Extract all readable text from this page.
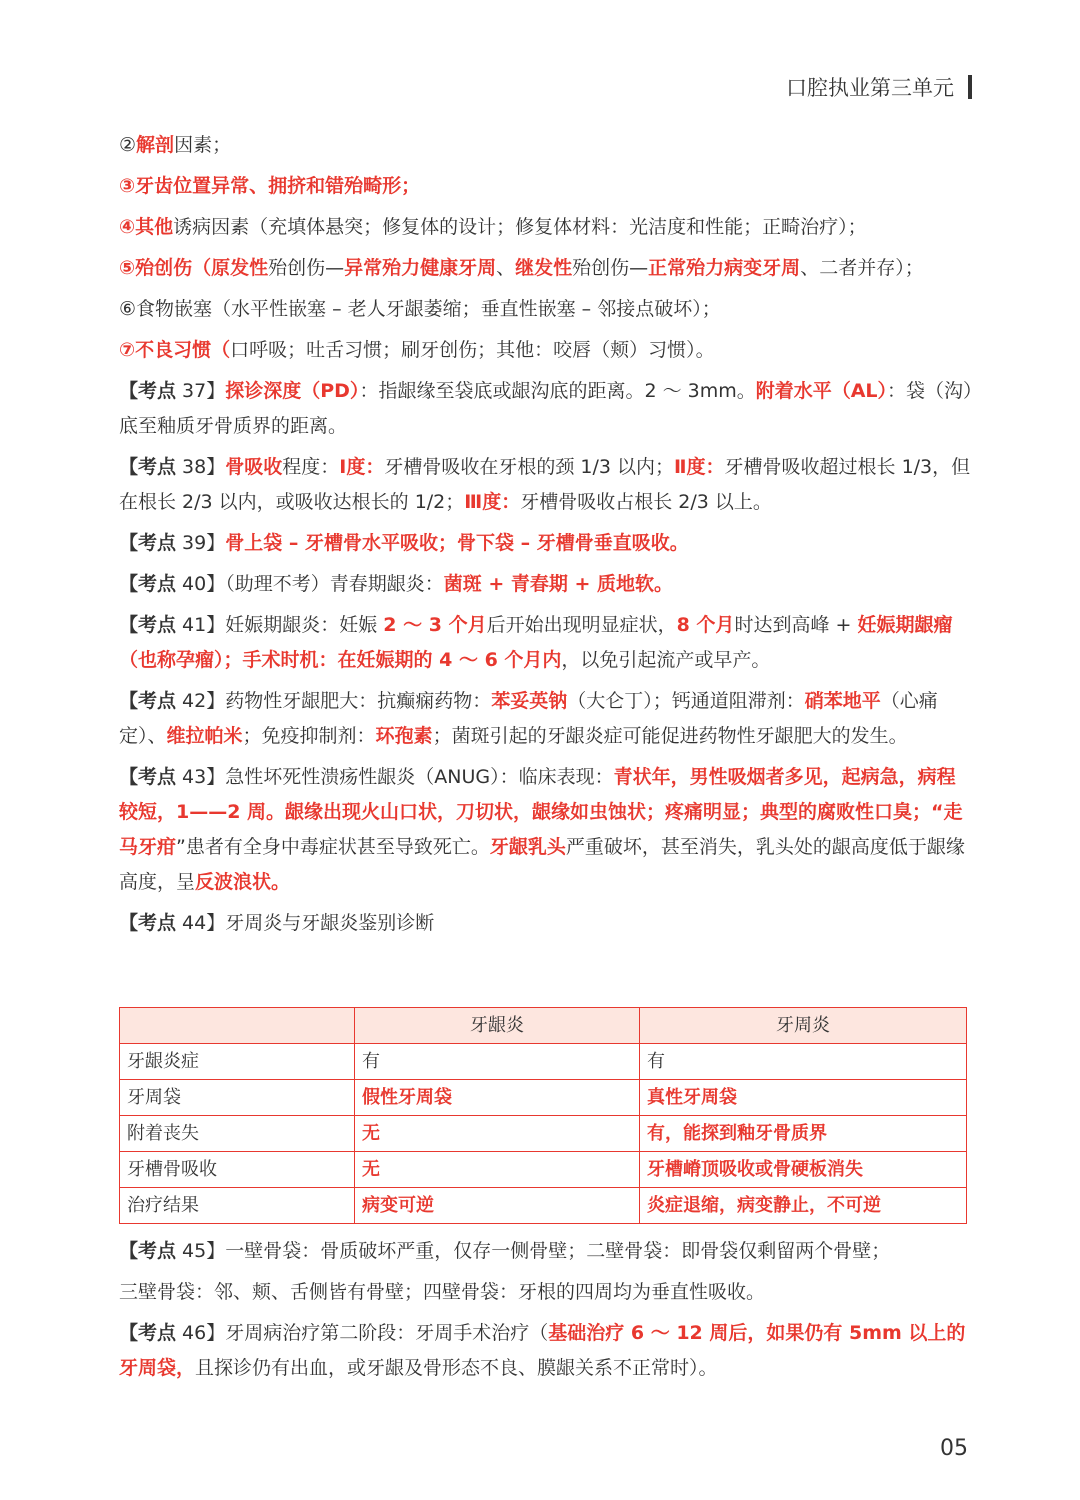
口腔执业第三单元

②解剖因素；

③牙齿位置异常、拥挤和错殆畸形；

④其他诱病因素（充填体悬突；修复体的设计；修复体材料：光洁度和性能；正畸治疗）；

⑤殆创伤（原发性殆创伤—异常殆力健康牙周、继发性殆创伤—正常殆力病变牙周、二者并存）；

⑥食物嵌塞（水平性嵌塞 – 老人牙龈萎缩；垂直性嵌塞 – 邻接点破坏）；

⑦不良习惯（口呼吸；吐舌习惯；刷牙创伤；其他：咬唇（颊）习惯）。

【考点 37】探诊深度（PD）：指龈缘至袋底或龈沟底的距离。2 ～ 3mm。附着水平（AL）：袋（沟）底至釉质牙骨质界的距离。

【考点 38】骨吸收程度：Ⅰ度：牙槽骨吸收在牙根的颈 1/3 以内；Ⅱ度：牙槽骨吸收超过根长 1/3，但在根长 2/3 以内，或吸收达根长的 1/2；Ⅲ度：牙槽骨吸收占根长 2/3 以上。

【考点 39】骨上袋 – 牙槽骨水平吸收；骨下袋 – 牙槽骨垂直吸收。

【考点 40】（助理不考）青春期龈炎：菌斑 + 青春期 + 质地软。

【考点 41】妊娠期龈炎：妊娠 2 ～ 3 个月后开始出现明显症状，8 个月时达到高峰 + 妊娠期龈瘤（也称孕瘤）；手术时机：在妊娠期的 4 ～ 6 个月内，以免引起流产或早产。

【考点 42】药物性牙龈肥大：抗癫痫药物：苯妥英钠（大仑丁）；钙通道阻滞剂：硝苯地平（心痛定）、维拉帕米；免疫抑制剂：环孢素；菌斑引起的牙龈炎症可能促进药物性牙龈肥大的发生。

【考点 43】急性坏死性溃疡性龈炎（ANUG）：临床表现：青状年，男性吸烟者多见，起病急，病程较短，1——2 周。龈缘出现火山口状，刀切状，龈缘如虫蚀状；疼痛明显；典型的腐败性口臭；“走马牙疳”患者有全身中毒症状甚至导致死亡。牙龈乳头严重破坏，甚至消失，乳头处的龈高度低于龈缘高度，呈反波浪状。

【考点 44】牙周炎与牙龈炎鉴别诊断

	牙龈炎	牙周炎
牙龈炎症	有	有
牙周袋	假性牙周袋	真性牙周袋
附着丧失	无	有，能探到釉牙骨质界
牙槽骨吸收	无	牙槽嵴顶吸收或骨硬板消失
治疗结果	病变可逆	炎症退缩，病变静止，不可逆

【考点 45】一壁骨袋：骨质破坏严重，仅存一侧骨壁；二壁骨袋：即骨袋仅剩留两个骨壁；

三壁骨袋：邻、颊、舌侧皆有骨壁；四壁骨袋：牙根的四周均为垂直性吸收。

【考点 46】牙周病治疗第二阶段：牙周手术治疗（基础治疗 6 ～ 12 周后，如果仍有 5mm 以上的牙周袋，且探诊仍有出血，或牙龈及骨形态不良、膜龈关系不正常时）。

05
